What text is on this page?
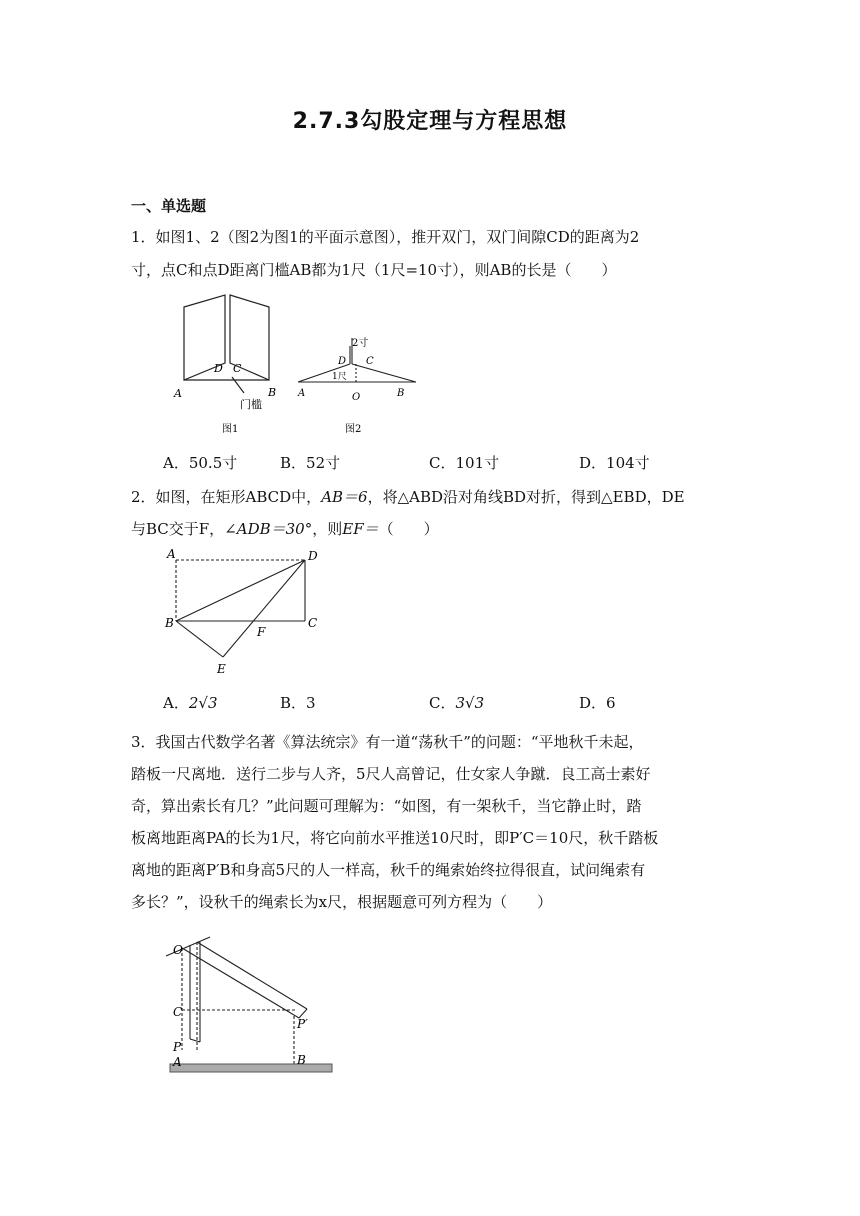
2.7.3勾股定理与方程思想
一、单选题
1．如图1、2（图2为图1的平面示意图），推开双门，双门间隙CD的距离为2
寸，点C和点D距离门槛AB都为1尺（1尺=10寸），则AB的长是（　　）
D C
A	B
门槛
图1
2寸
D C
1尺
A	O	B
图2
A．50.5寸	B．52寸	C．101寸	D．104寸
2．如图，在矩形ABCD中，AB＝6，将△ABD沿对角线BD对折，得到△EBD，DE
与BC交于F，∠ADB＝30°，则EF＝（　　）
A	D
B	C
F
E
A．2√3	B．3	C．3√3	D．6
3．我国古代数学名著《算法统宗》有一道“荡秋千”的问题：“平地秋千未起，
踏板一尺离地．送行二步与人齐，5尺人高曾记，仕女家人争蹴．良工高士素好
奇，算出索长有几？”此问题可理解为：“如图，有一架秋千，当它静止时，踏
板离地距离PA的长为1尺，将它向前水平推送10尺时，即P′C＝10尺，秋千踏板
离地的距离P′B和身高5尺的人一样高，秋千的绳索始终拉得很直，试问绳索有
多长？”，设秋千的绳索长为x尺，根据题意可列方程为（　　）
O
C
P
A	B
P′
